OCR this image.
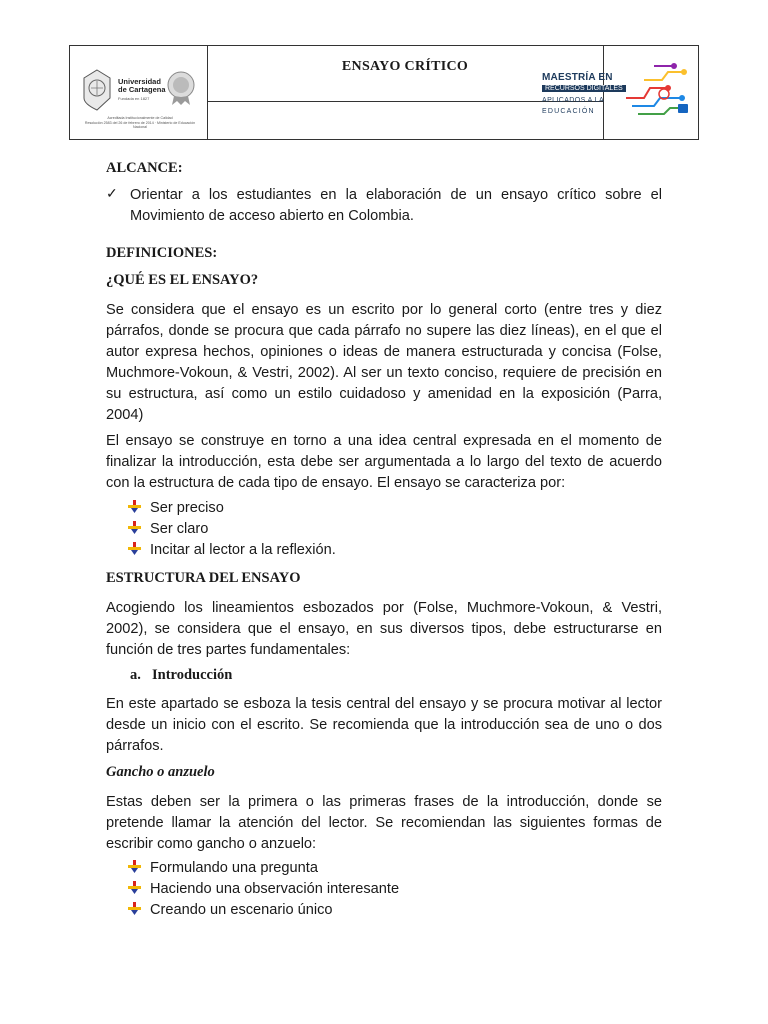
Universidad
de Cartagena
Fundada en 1827
Acreditada Institucionalmente de Calidad
Resolución 2583 del 26 de febrero de 2014 · Ministerio de Educación Nacional
ENSAYO CRÍTICO
MAESTRÍA EN
RECURSOS DIGITALES
APLICADOS A LA
EDUCACIÓN
ALCANCE:
✓ Orientar a los estudiantes en la elaboración de un ensayo crítico sobre el Movimiento de acceso abierto en Colombia.
DEFINICIONES:
¿QUÉ ES EL ENSAYO?
Se considera que el ensayo es un escrito por lo general corto (entre tres y diez párrafos, donde se procura que cada párrafo no supere las diez líneas), en el que el autor expresa hechos, opiniones o ideas de manera estructurada y concisa (Folse, Muchmore-Vokoun, & Vestri, 2002). Al ser un texto conciso, requiere de precisión en su estructura, así como un estilo cuidadoso y amenidad en la exposición (Parra, 2004)
El ensayo se construye en torno a una idea central expresada en el momento de finalizar la introducción, esta debe ser argumentada a lo largo del texto de acuerdo con la estructura de cada tipo de ensayo. El ensayo se caracteriza por:
Ser preciso
Ser claro
Incitar al lector a la reflexión.
ESTRUCTURA DEL ENSAYO
Acogiendo los lineamientos esbozados por (Folse, Muchmore-Vokoun, & Vestri, 2002), se considera que el ensayo, en sus diversos tipos, debe estructurarse en función de tres partes fundamentales:
a. Introducción
En este apartado se esboza la tesis central del ensayo y se procura motivar al lector desde un inicio con el escrito. Se recomienda que la introducción sea de uno o dos párrafos.
Gancho o anzuelo
Estas deben ser la primera o las primeras frases de la introducción, donde se pretende llamar la atención del lector. Se recomiendan las siguientes formas de escribir como gancho o anzuelo:
Formulando una pregunta
Haciendo una observación interesante
Creando un escenario único
